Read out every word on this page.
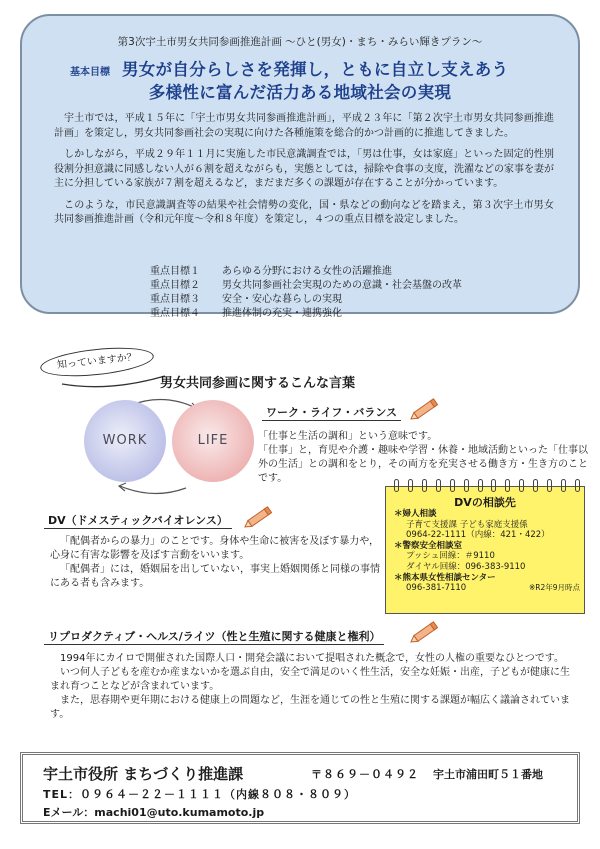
第3次宇土市男女共同参画推進計画 ～ひと(男女)・まち・みらい輝きプラン～
基本目標 男女が自分らしさを発揮し，ともに自立し支えあう
多様性に富んだ活力ある地域社会の実現

宇土市では，平成１５年に「宇土市男女共同参画推進計画」，平成２３年に「第２次宇土市男女共同参画推進計画」を策定し，男女共同参画社会の実現に向けた各種施策を総合的かつ計画的に推進してきました。

しかしながら，平成２９年１１月に実施した市民意識調査では，「男は仕事，女は家庭」といった固定的性別役割分担意識に同感しない人が６割を超えながらも，実態としては，掃除や食事の支度，洗濯などの家事を妻が主に分担している家族が７割を超えるなど，まだまだ多くの課題が存在することが分かっています。

このような，市民意識調査等の結果や社会情勢の変化，国・県などの動向などを踏まえ，第３次宇土市男女共同参画推進計画（令和元年度～令和８年度）を策定し，４つの重点目標を設定しました。

重点目標１	あらゆる分野における女性の活躍推進
重点目標２	男女共同参画社会実現のための意識・社会基盤の改革
重点目標３	安全・安心な暮らしの実現
重点目標４	推進体制の充実・連携強化
知っていますか？
男女共同参画に関するこんな言葉
WORK	LIFE
ワーク・ライフ・バランス

「仕事と生活の調和」という意味です。

「仕事」と，育児や介護・趣味や学習・休養・地域活動といった「仕事以外の生活」との調和をとり，その両方を充実させる働き方・生き方のことです。

DV（ドメスティックバイオレンス）

「配偶者からの暴力」のことです。身体や生命に被害を及ぼす暴力や，心身に有害な影響を及ぼす言動をいいます。

「配偶者」には，婚姻届を出していない，事実上婚姻関係と同様の事情にある者も含みます。

DVの相談先
＊婦人相談
子育て支援課 子ども家庭支援係
0964-22-1111（内線：421・422）
＊警察安全相談室
プッシュ回線：＃9110
ダイヤル回線：096-383-9110
＊熊本県女性相談センター
096-381-7110	※R2年9月時点
リプロダクティブ・ヘルス/ライツ（性と生殖に関する健康と権利）

1994年にカイロで開催された国際人口・開発会議において提唱された概念で，女性の人権の重要なひとつです。

いつ何人子どもを産むか産まないかを選ぶ自由，安全で満足のいく性生活，安全な妊娠・出産，子どもが健康に生まれ育つことなどが含まれています。

また，思春期や更年期における健康上の問題など，生涯を通じての性と生殖に関する課題が幅広く議論されています。

宇土市役所 まちづくり推進課	〒８６９－０４９２ 宇土市浦田町５１番地
TEL：０９６４－２２－１１１１（内線８０８・８０９）
Eメール：machi01@uto.kumamoto.jp
